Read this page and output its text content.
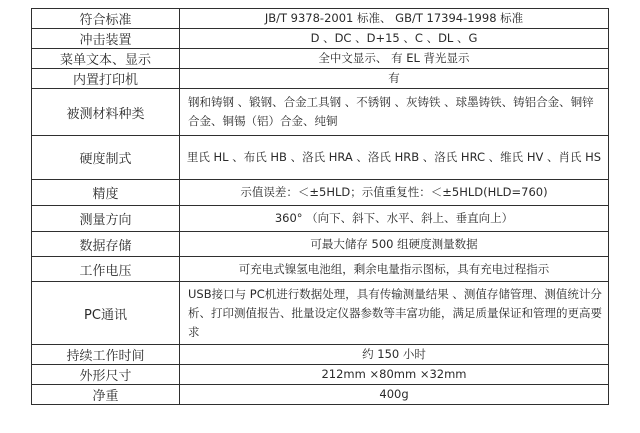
符合标准	JB/T 9378-2001 标准、 GB/T 17394-1998 标准
冲击装置	D 、DC 、D+15 、C 、DL 、G
菜单文本、显示	全中文显示、 有 EL 背光显示
内置打印机	有
被测材料种类	钢和铸钢 、锻钢、合金工具钢 、不锈钢 、灰铸铁 、球墨铸铁、铸铝合金、铜锌合金、铜锡（铝）合金、纯铜
硬度制式	里氏 HL 、布氏 HB 、洛氏 HRA 、洛氏 HRB 、洛氏 HRC 、维氏 HV 、肖氏 HS
精度	示值误差：＜±5HLD；示值重复性：＜±5HLD(HLD=760)
测量方向	360° （向下、斜下、水平、斜上、垂直向上）
数据存储	可最大储存 500 组硬度测量数据
工作电压	可充电式镍氢电池组，剩余电量指示图标，具有充电过程指示
PC通讯	USB接口与 PC机进行数据处理，具有传输测量结果 、测值存储管理、测值统计分析、打印测值报告、批量设定仪器参数等丰富功能，满足质量保证和管理的更高要求
持续工作时间	约 150 小时
外形尺寸	212mm ×80mm ×32mm
净重	400g
